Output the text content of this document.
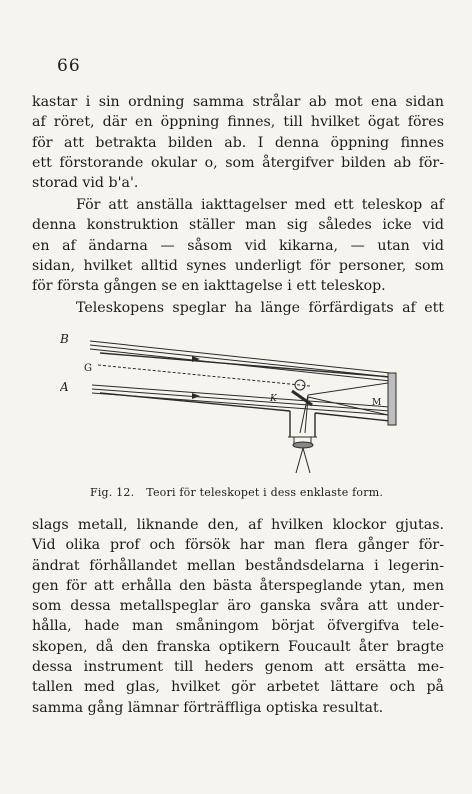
66

kastar i sin ordning samma strålar ab mot ena sidan
af röret, där en öppning finnes, till hvilket ögat föres
för att betrakta bilden ab. I denna öppning finnes
ett förstorande okular o, som återgifver bilden ab för-
storad vid b'a'.

För att anställa iakttagelser med ett teleskop af
denna konstruktion ställer man sig således icke vid
en af ändarna — såsom vid kikarna, — utan vid
sidan, hvilket alltid synes underligt för personer, som
för första gången se en iakttagelse i ett teleskop.

Teleskopens speglar ha länge förfärdigats af ett

B
G
A
M
K
Fig. 12. Teori för teleskopet i dess enklaste form.

slags metall, liknande den, af hvilken klockor gjutas.
Vid olika prof och försök har man flera gånger för-
ändrat förhållandet mellan beståndsdelarna i legerin-
gen för att erhålla den bästa återspeglande ytan, men
som dessa metallspeglar äro ganska svåra att under-
hålla, hade man småningom börjat öfvergifva tele-
skopen, då den franska optikern Foucault åter bragte
dessa instrument till heders genom att ersätta me-
tallen med glas, hvilket gör arbetet lättare och på
samma gång lämnar förträffliga optiska resultat.
